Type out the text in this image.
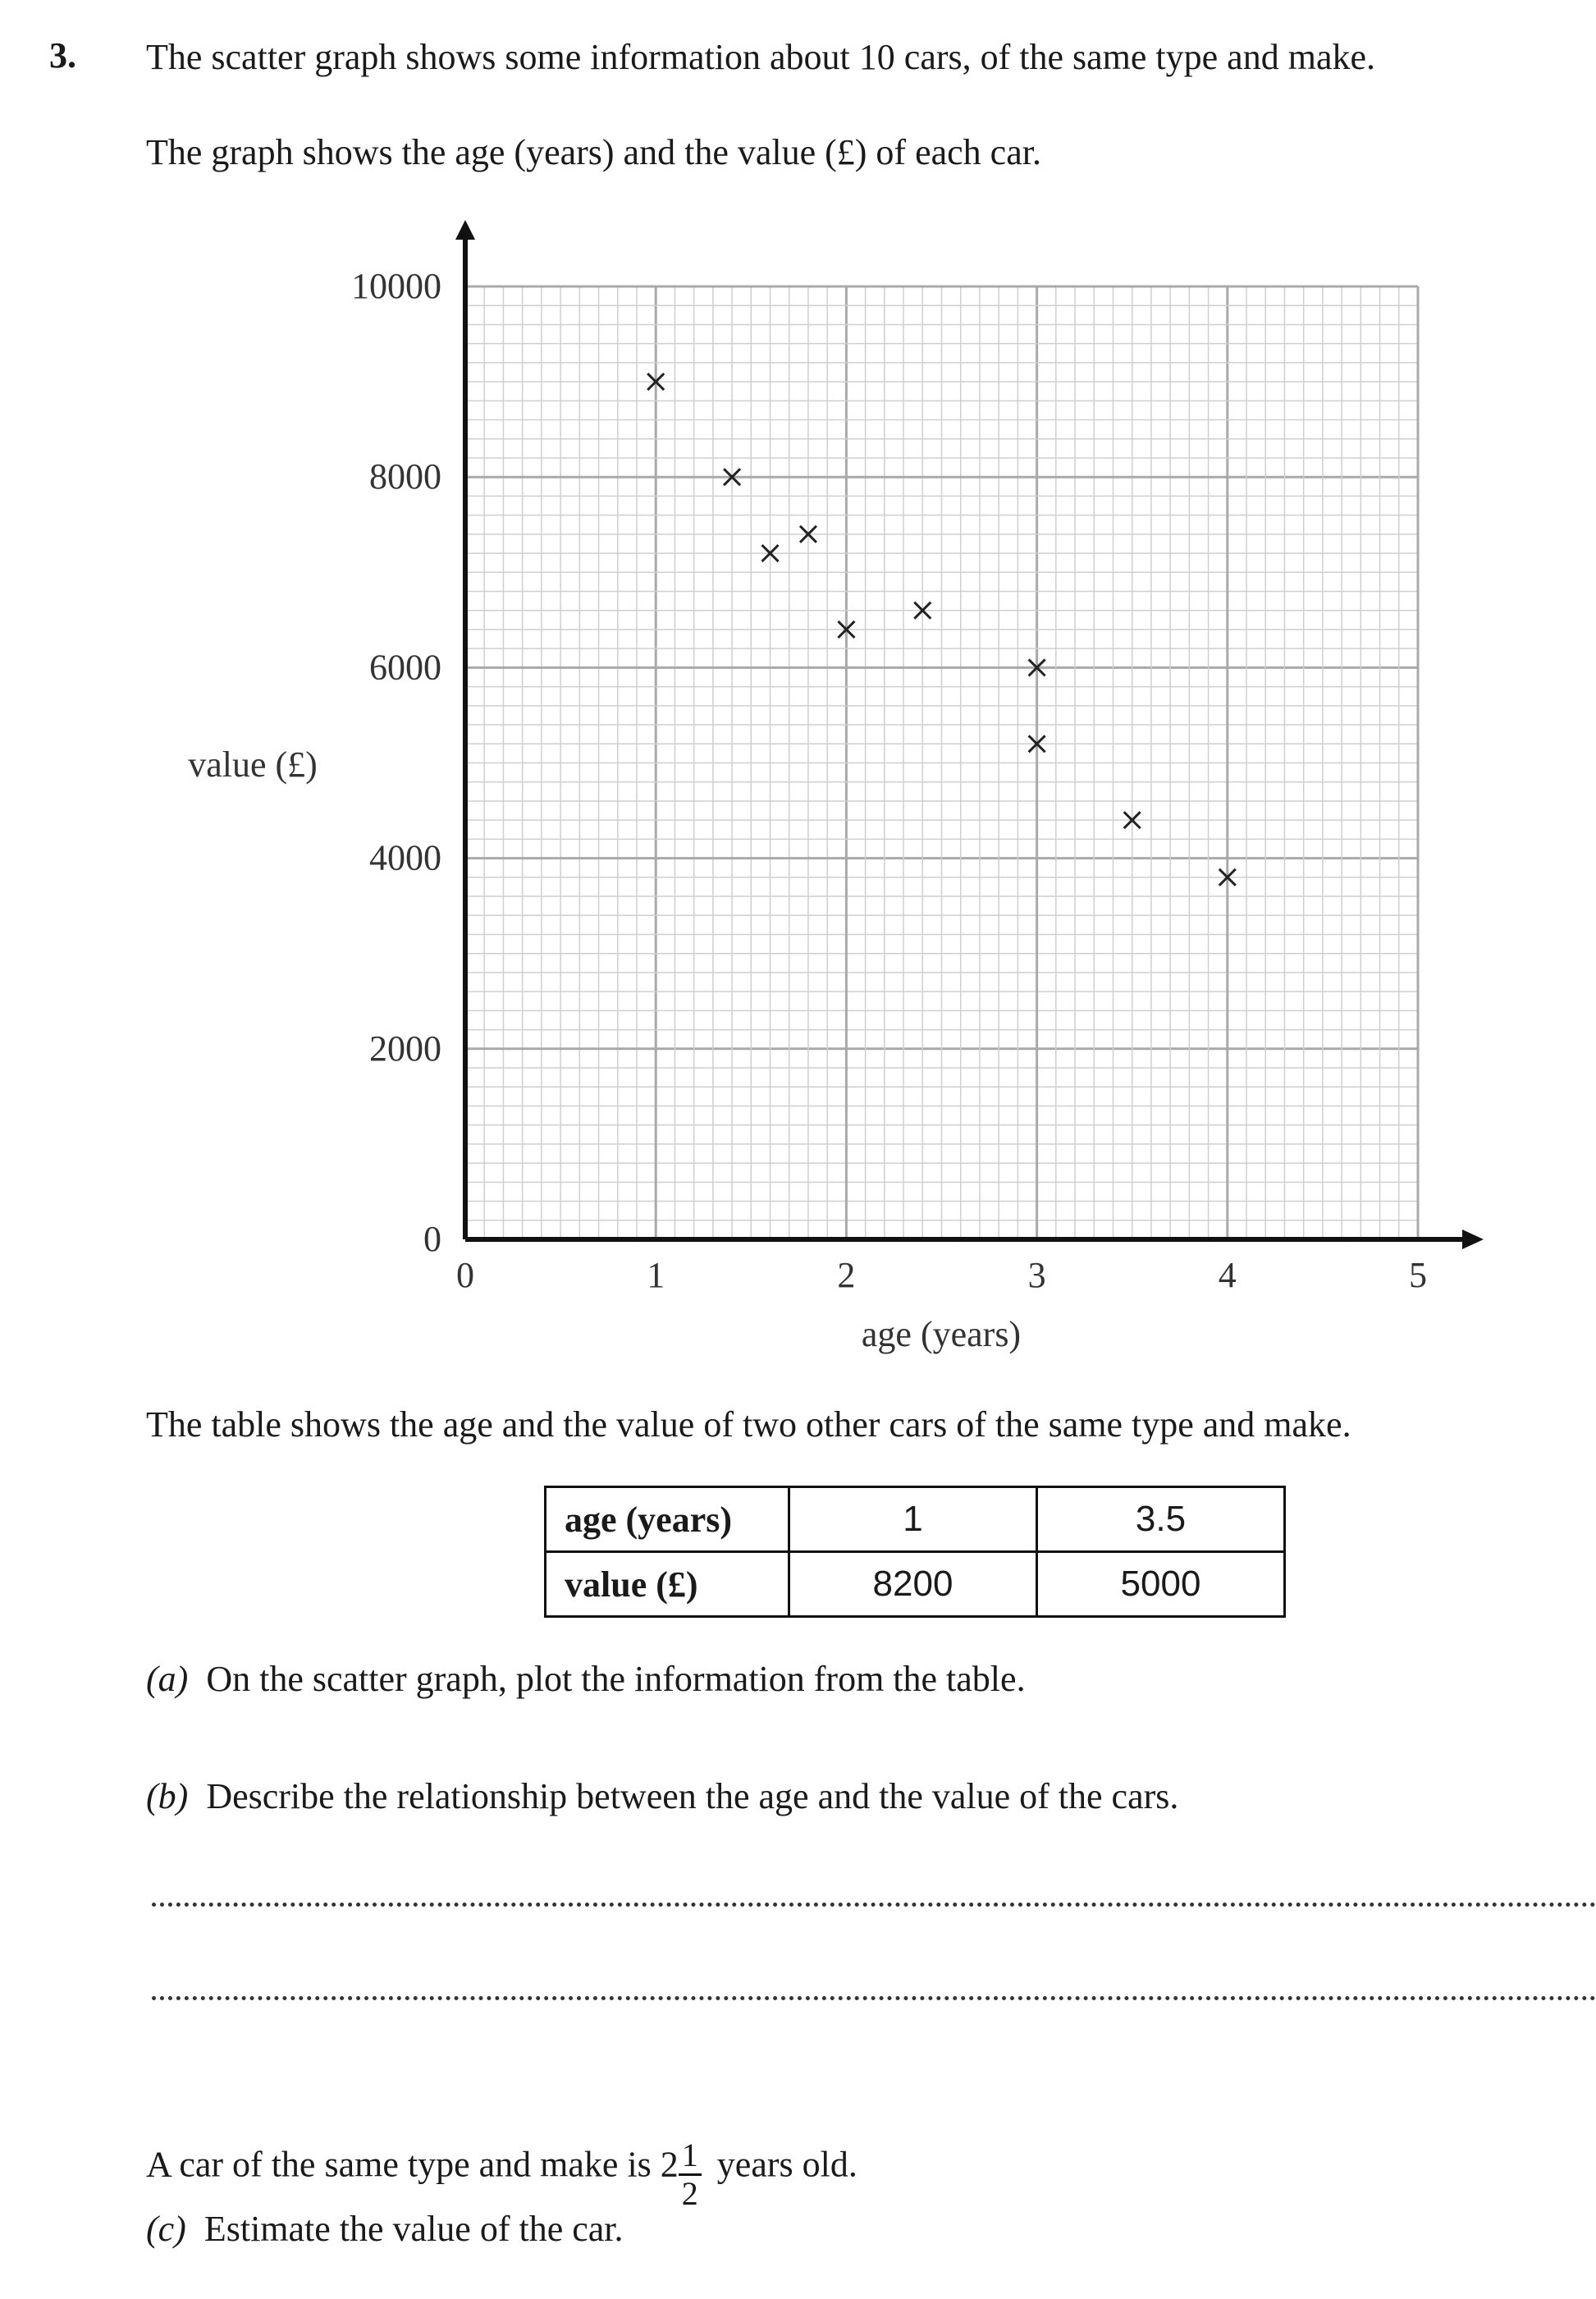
3. The scatter graph shows some information about 10 cars, of the same type and make.
The graph shows the age (years) and the value (£) of each car.
0	1	2	3	4	5
0
2000
4000
6000
8000
10000
age (years)
value (£)
The table shows the age and the value of two other cars of the same type and make.
age (years)	1	3.5
value (£)	8200	5000
(a) On the scatter graph, plot the information from the table.
(b) Describe the relationship between the age and the value of the cars.
A car of the same type and make is $2 \frac{1}{2}$ years old.
(c) Estimate the value of the car.
